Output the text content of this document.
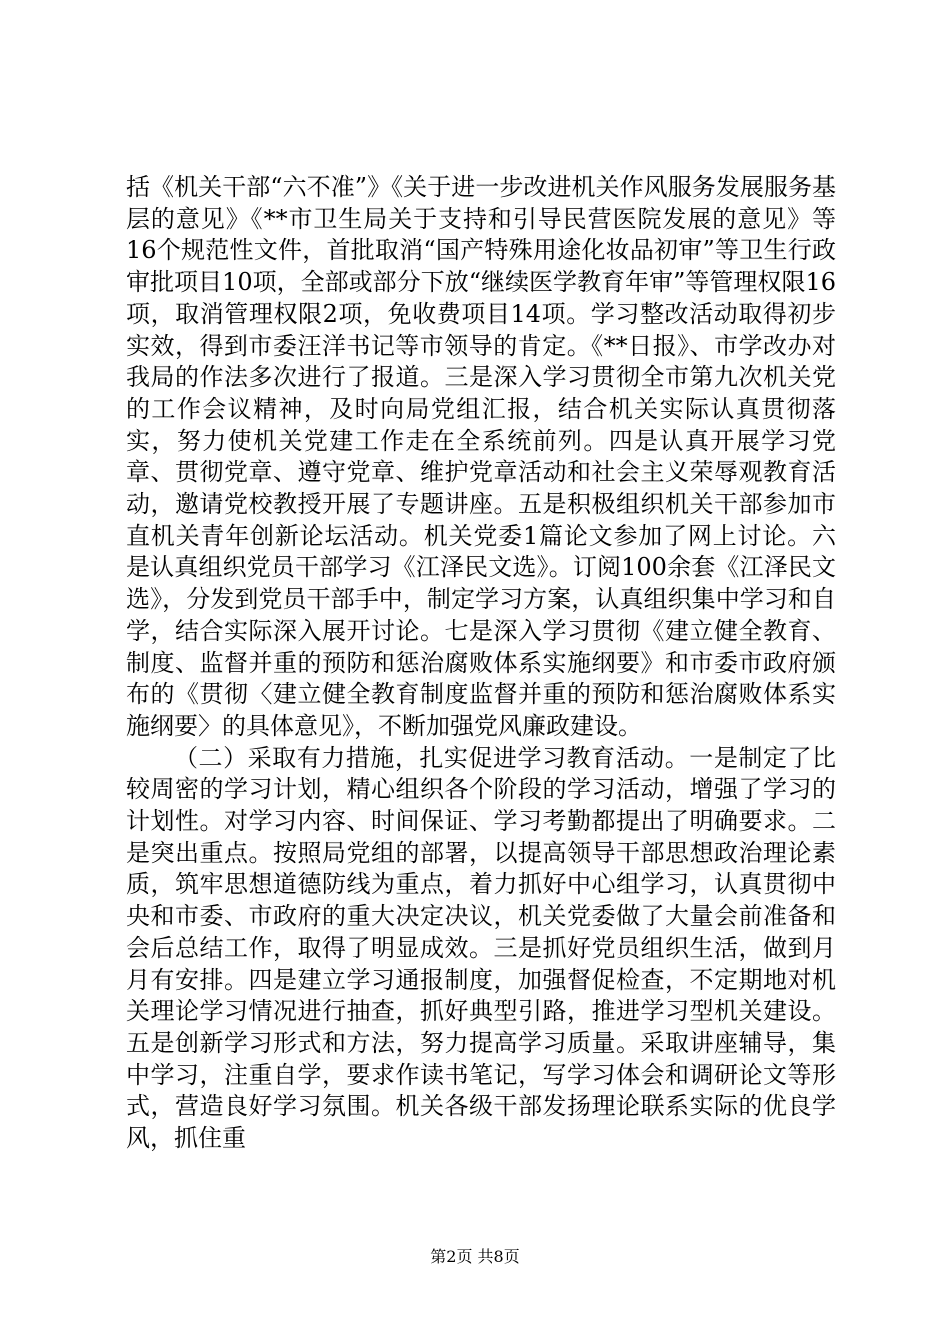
括《机关干部“六不准”》《关于进一步改进机关作风服务发展服务基层的意见》《**市卫生局关于支持和引导民营医院发展的意见》等16个规范性文件，首批取消“国产特殊用途化妆品初审”等卫生行政审批项目10项，全部或部分下放“继续医学教育年审”等管理权限16项，取消管理权限2项，免收费项目14项。学习整改活动取得初步实效，得到市委汪洋书记等市领导的肯定。《**日报》、市学改办对我局的作法多次进行了报道。三是深入学习贯彻全市第九次机关党的工作会议精神，及时向局党组汇报，结合机关实际认真贯彻落实，努力使机关党建工作走在全系统前列。四是认真开展学习党章、贯彻党章、遵守党章、维护党章活动和社会主义荣辱观教育活动，邀请党校教授开展了专题讲座。五是积极组织机关干部参加市直机关青年创新论坛活动。机关党委1篇论文参加了网上讨论。六是认真组织党员干部学习《江泽民文选》。订阅100余套《江泽民文选》，分发到党员干部手中，制定学习方案，认真组织集中学习和自学，结合实际深入展开讨论。七是深入学习贯彻《建立健全教育、制度、监督并重的预防和惩治腐败体系实施纲要》和市委市政府颁布的《贯彻〈建立健全教育制度监督并重的预防和惩治腐败体系实施纲要〉的具体意见》，不断加强党风廉政建设。

（二）采取有力措施，扎实促进学习教育活动。一是制定了比较周密的学习计划，精心组织各个阶段的学习活动，增强了学习的计划性。对学习内容、时间保证、学习考勤都提出了明确要求。二是突出重点。按照局党组的部署，以提高领导干部思想政治理论素质，筑牢思想道德防线为重点，着力抓好中心组学习，认真贯彻中央和市委、市政府的重大决定决议，机关党委做了大量会前准备和会后总结工作，取得了明显成效。三是抓好党员组织生活，做到月月有安排。四是建立学习通报制度，加强督促检查，不定期地对机关理论学习情况进行抽查，抓好典型引路，推进学习型机关建设。五是创新学习形式和方法，努力提高学习质量。采取讲座辅导，集中学习，注重自学，要求作读书笔记，写学习体会和调研论文等形式，营造良好学习氛围。机关各级干部发扬理论联系实际的优良学风，抓住重

第2页 共8页
